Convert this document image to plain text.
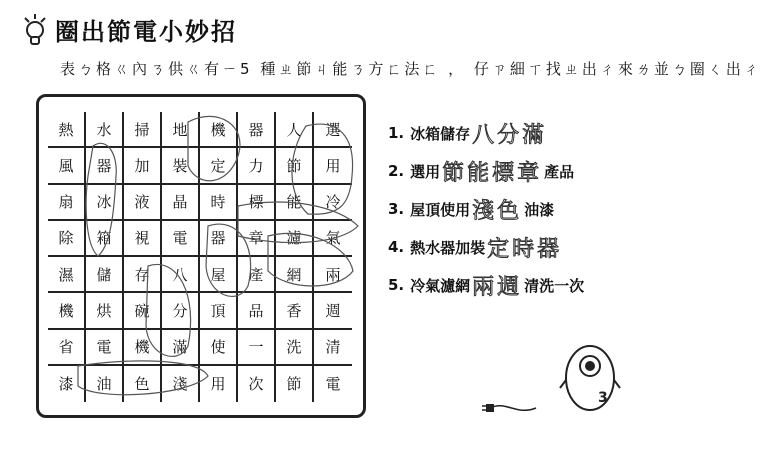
圈出節電小妙招
表ㄅ格ㄍ內ㄋ供ㄍ有ㄧ5 種ㄓ節ㄐ能ㄋ方ㄈ法ㄈ ， 仔ㄗ細ㄒ找ㄓ出ㄔ來ㄌ並ㄅ圈ㄑ出ㄔ
熱	水	掃	地	機	器	人	選
風	器	加	裝	定	力	節	用
扇	冰	液	晶	時	標	能	冷
除	箱	視	電	器	章	濾	氣
濕	儲	存	八	屋	產	網	兩
機	烘	碗	分	頂	品	香	週
省	電	機	滿	使	一	洗	清
漆	油	色	淺	用	次	節	電
1. 冰箱儲存 八分滿
2. 選用 節能標章 產品
3. 屋頂使用 淺色 油漆
4. 熱水器加裝 定時器
5. 冷氣濾網 兩週 清洗一次
3
